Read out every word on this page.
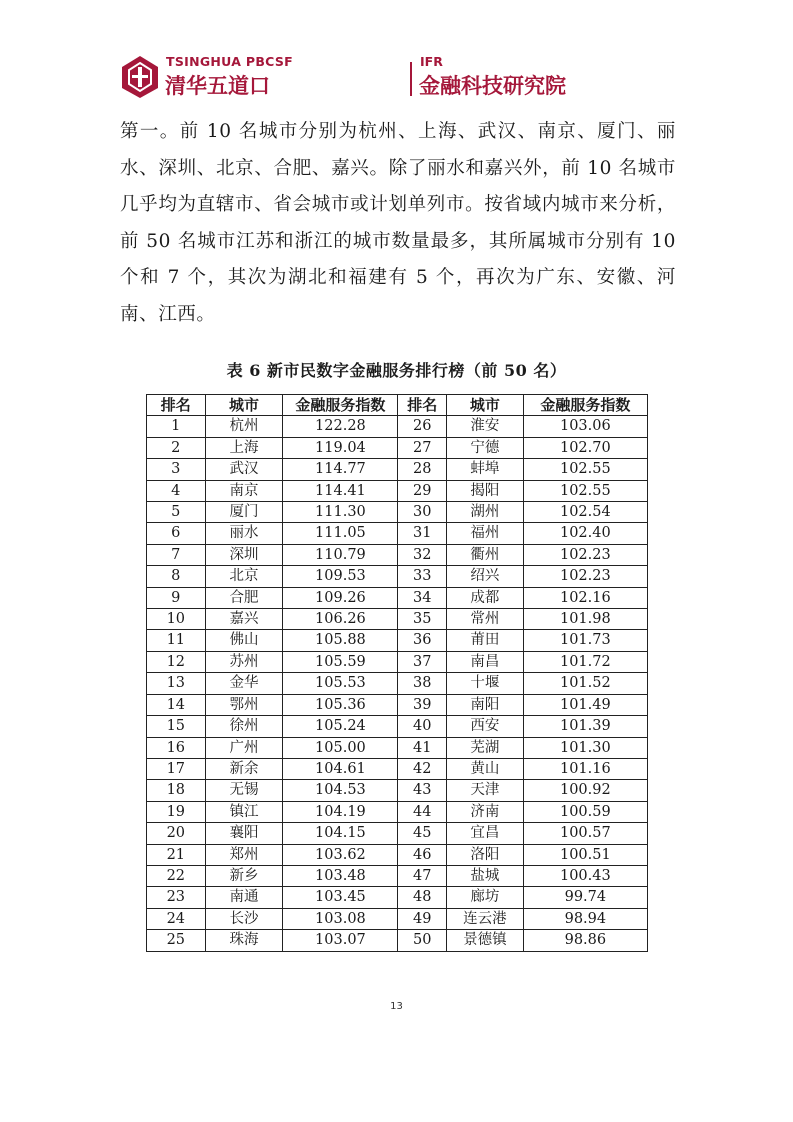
TSINGHUA PBCSF
清华五道口
IFR
金融科技研究院

第一。前 10 名城市分别为杭州、上海、武汉、南京、厦门、丽水、深圳、北京、合肥、嘉兴。除了丽水和嘉兴外，前 10 名城市几乎均为直辖市、省会城市或计划单列市。按省域内城市来分析，前 50 名城市江苏和浙江的城市数量最多，其所属城市分别有 10 个和 7 个，其次为湖北和福建有 5 个，再次为广东、安徽、河南、江西。

表 6 新市民数字金融服务排行榜（前 50 名）
排名	城市	金融服务指数	排名	城市	金融服务指数
1	杭州	122.28	26	淮安	103.06
2	上海	119.04	27	宁德	102.70
3	武汉	114.77	28	蚌埠	102.55
4	南京	114.41	29	揭阳	102.55
5	厦门	111.30	30	湖州	102.54
6	丽水	111.05	31	福州	102.40
7	深圳	110.79	32	衢州	102.23
8	北京	109.53	33	绍兴	102.23
9	合肥	109.26	34	成都	102.16
10	嘉兴	106.26	35	常州	101.98
11	佛山	105.88	36	莆田	101.73
12	苏州	105.59	37	南昌	101.72
13	金华	105.53	38	十堰	101.52
14	鄂州	105.36	39	南阳	101.49
15	徐州	105.24	40	西安	101.39
16	广州	105.00	41	芜湖	101.30
17	新余	104.61	42	黄山	101.16
18	无锡	104.53	43	天津	100.92
19	镇江	104.19	44	济南	100.59
20	襄阳	104.15	45	宜昌	100.57
21	郑州	103.62	46	洛阳	100.51
22	新乡	103.48	47	盐城	100.43
23	南通	103.45	48	廊坊	99.74
24	长沙	103.08	49	连云港	98.94
25	珠海	103.07	50	景德镇	98.86
13
